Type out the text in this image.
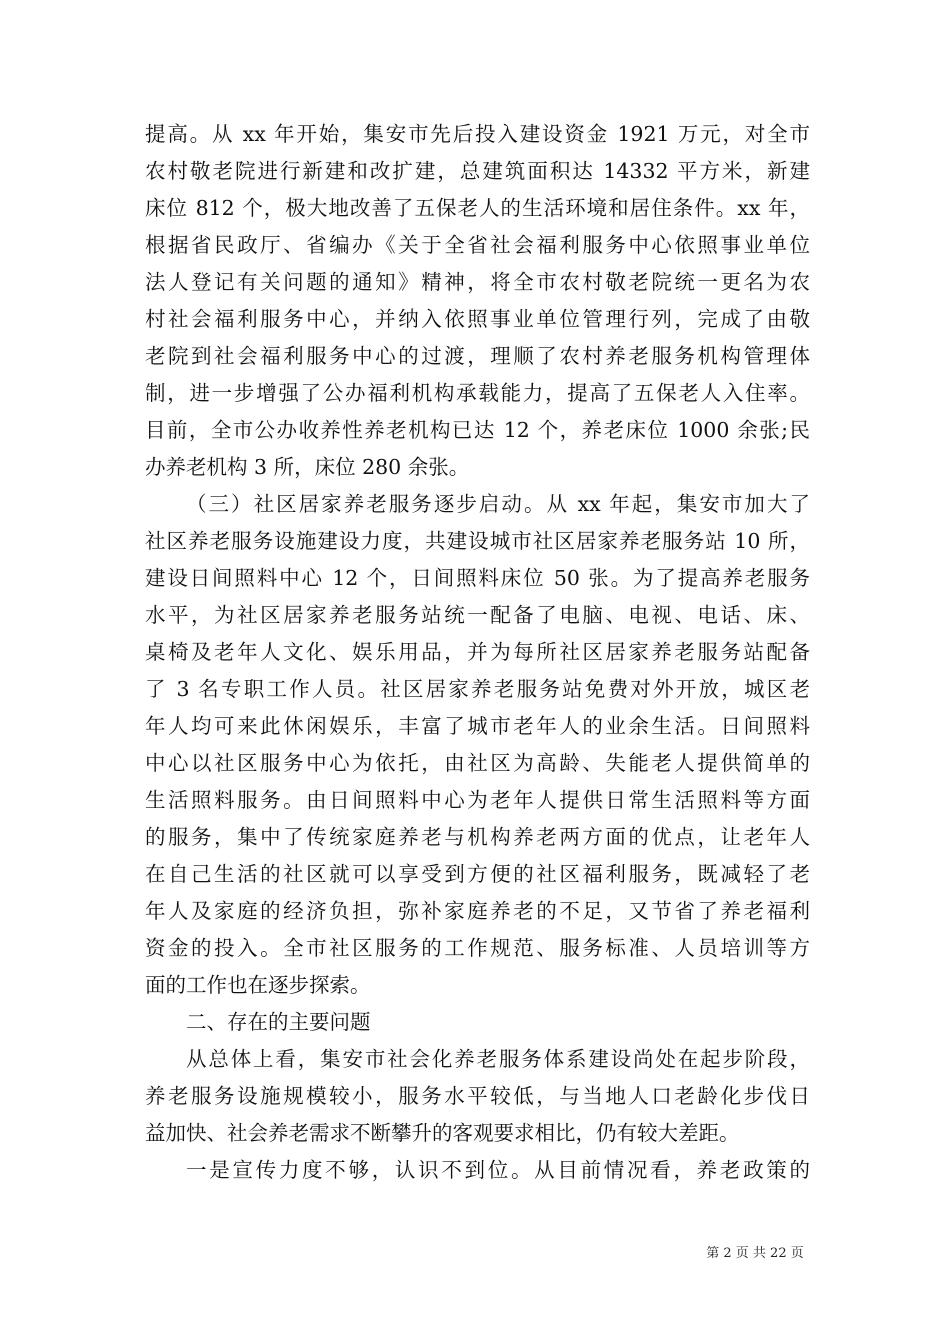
提高。从 xx 年开始，集安市先后投入建设资金 1921 万元，对全市
农村敬老院进行新建和改扩建，总建筑面积达 14332 平方米，新建
床位 812 个，极大地改善了五保老人的生活环境和居住条件。xx 年，
根据省民政厅、省编办《关于全省社会福利服务中心依照事业单位
法人登记有关问题的通知》精神，将全市农村敬老院统一更名为农
村社会福利服务中心，并纳入依照事业单位管理行列，完成了由敬
老院到社会福利服务中心的过渡，理顺了农村养老服务机构管理体
制，进一步增强了公办福利机构承载能力，提高了五保老人入住率。
目前，全市公办收养性养老机构已达 12 个，养老床位 1000 余张;民
办养老机构 3 所，床位 280 余张。
（三）社区居家养老服务逐步启动。从 xx 年起，集安市加大了
社区养老服务设施建设力度，共建设城市社区居家养老服务站 10 所，
建设日间照料中心 12 个，日间照料床位 50 张。为了提高养老服务
水平，为社区居家养老服务站统一配备了电脑、电视、电话、床、
桌椅及老年人文化、娱乐用品，并为每所社区居家养老服务站配备
了 3 名专职工作人员。社区居家养老服务站免费对外开放，城区老
年人均可来此休闲娱乐，丰富了城市老年人的业余生活。日间照料
中心以社区服务中心为依托，由社区为高龄、失能老人提供简单的
生活照料服务。由日间照料中心为老年人提供日常生活照料等方面
的服务，集中了传统家庭养老与机构养老两方面的优点，让老年人
在自己生活的社区就可以享受到方便的社区福利服务，既减轻了老
年人及家庭的经济负担，弥补家庭养老的不足，又节省了养老福利
资金的投入。全市社区服务的工作规范、服务标准、人员培训等方
面的工作也在逐步探索。
二、存在的主要问题
从总体上看，集安市社会化养老服务体系建设尚处在起步阶段，
养老服务设施规模较小，服务水平较低，与当地人口老龄化步伐日
益加快、社会养老需求不断攀升的客观要求相比，仍有较大差距。
一是宣传力度不够，认识不到位。从目前情况看，养老政策的
第 2 页 共 22 页
